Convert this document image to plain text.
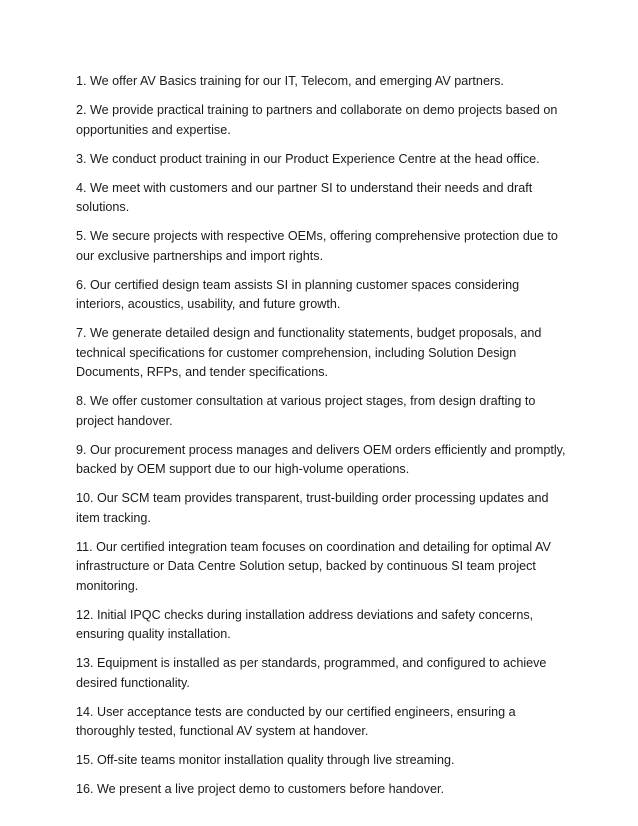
1. We offer AV Basics training for our IT, Telecom, and emerging AV partners.

2. We provide practical training to partners and collaborate on demo projects based on opportunities and expertise.

3. We conduct product training in our Product Experience Centre at the head office.

4. We meet with customers and our partner SI to understand their needs and draft solutions.

5. We secure projects with respective OEMs, offering comprehensive protection due to our exclusive partnerships and import rights.

6. Our certified design team assists SI in planning customer spaces considering interiors, acoustics, usability, and future growth.

7. We generate detailed design and functionality statements, budget proposals, and technical specifications for customer comprehension, including Solution Design Documents, RFPs, and tender specifications.

8. We offer customer consultation at various project stages, from design drafting to project handover.

9. Our procurement process manages and delivers OEM orders efficiently and promptly, backed by OEM support due to our high-volume operations.

10. Our SCM team provides transparent, trust-building order processing updates and item tracking.

11. Our certified integration team focuses on coordination and detailing for optimal AV infrastructure or Data Centre Solution setup, backed by continuous SI team project monitoring.

12. Initial IPQC checks during installation address deviations and safety concerns, ensuring quality installation.

13. Equipment is installed as per standards, programmed, and configured to achieve desired functionality.

14. User acceptance tests are conducted by our certified engineers, ensuring a thoroughly tested, functional AV system at handover.

15. Off-site teams monitor installation quality through live streaming.

16. We present a live project demo to customers before handover.
